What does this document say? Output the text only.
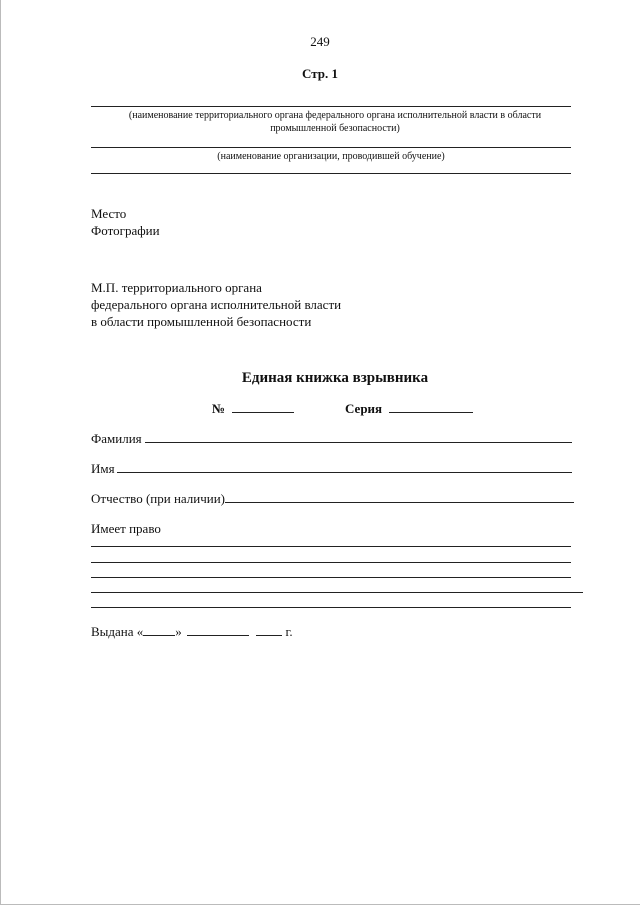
249
Стр. 1
(наименование территориального органа федерального органа исполнительной власти в области промышленной безопасности)
(наименование организации, проводившей обучение)
Место
Фотографии
М.П. территориального органа
федерального органа исполнительной власти
в области промышленной безопасности
Единая книжка взрывника
№	Серия
Фамилия
Имя
Отчество (при наличии)
Имеет право
Выдана « »	г.
